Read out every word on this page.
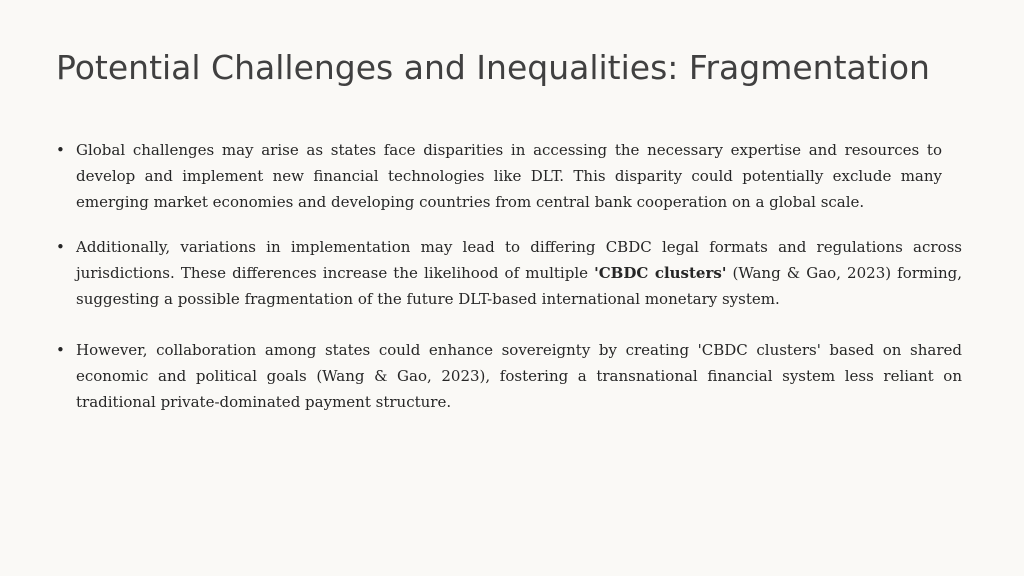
Potential Challenges and Inequalities: Fragmentation
• Global challenges may arise as states face disparities in accessing the necessary expertise and resources to develop and implement new financial technologies like DLT. This disparity could potentially exclude many emerging market economies and developing countries from central bank cooperation on a global scale.
• Additionally, variations in implementation may lead to differing CBDC legal formats and regulations across jurisdictions. These differences increase the likelihood of multiple 'CBDC clusters' (Wang & Gao, 2023) forming, suggesting a possible fragmentation of the future DLT-based international monetary system.
• However, collaboration among states could enhance sovereignty by creating 'CBDC clusters' based on shared economic and political goals (Wang & Gao, 2023), fostering a transnational financial system less reliant on traditional private-dominated payment structure.
